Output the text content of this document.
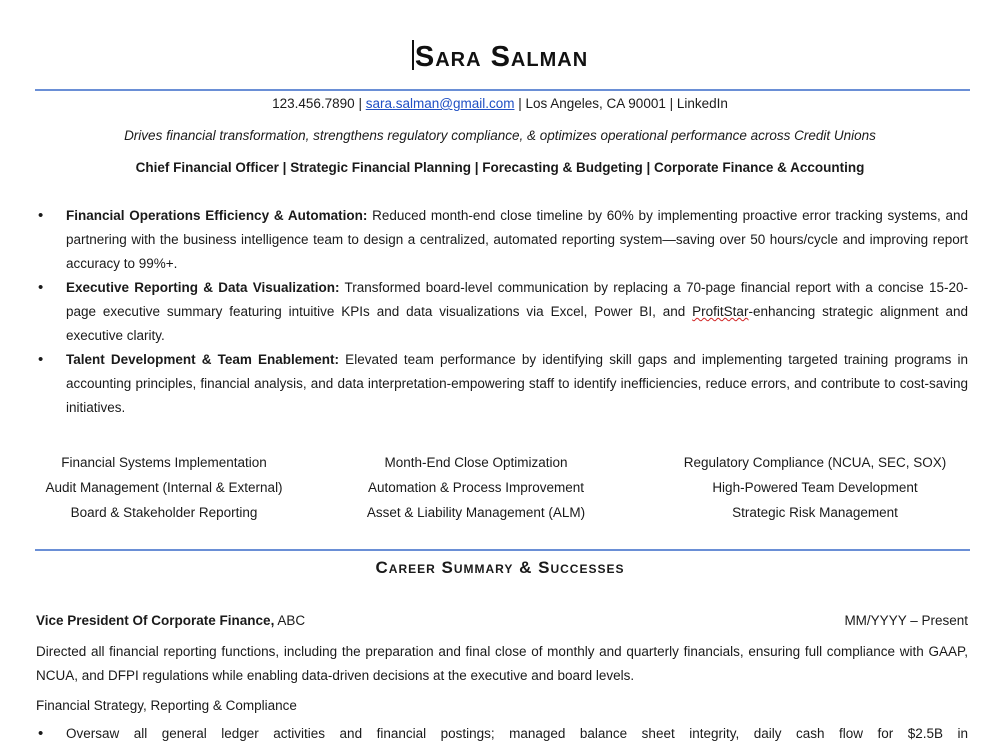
Sara Salman
123.456.7890 | sara.salman@gmail.com | Los Angeles, CA 90001 | LinkedIn
Drives financial transformation, strengthens regulatory compliance, & optimizes operational performance across Credit Unions
Chief Financial Officer | Strategic Financial Planning | Forecasting & Budgeting | Corporate Finance & Accounting
• Financial Operations Efficiency & Automation: Reduced month-end close timeline by 60% by implementing proactive error tracking systems, and partnering with the business intelligence team to design a centralized, automated reporting system—saving over 50 hours/cycle and improving report accuracy to 99%+.
• Executive Reporting & Data Visualization: Transformed board-level communication by replacing a 70-page financial report with a concise 15-20-page executive summary featuring intuitive KPIs and data visualizations via Excel, Power BI, and ProfitStar-enhancing strategic alignment and executive clarity.
• Talent Development & Team Enablement: Elevated team performance by identifying skill gaps and implementing targeted training programs in accounting principles, financial analysis, and data interpretation-empowering staff to identify inefficiencies, reduce errors, and contribute to cost-saving initiatives.
Financial Systems Implementation
Audit Management (Internal & External)
Board & Stakeholder Reporting
Month-End Close Optimization
Automation & Process Improvement
Asset & Liability Management (ALM)
Regulatory Compliance (NCUA, SEC, SOX)
High-Powered Team Development
Strategic Risk Management
Career Summary & Successes
Vice President Of Corporate Finance, ABC	MM/YYYY – Present
Directed all financial reporting functions, including the preparation and final close of monthly and quarterly financials, ensuring full compliance with GAAP, NCUA, and DFPI regulations while enabling data-driven decisions at the executive and board levels.
Financial Strategy, Reporting & Compliance
• Oversaw all general ledger activities and financial postings; managed balance sheet integrity, daily cash flow for $2.5B in
